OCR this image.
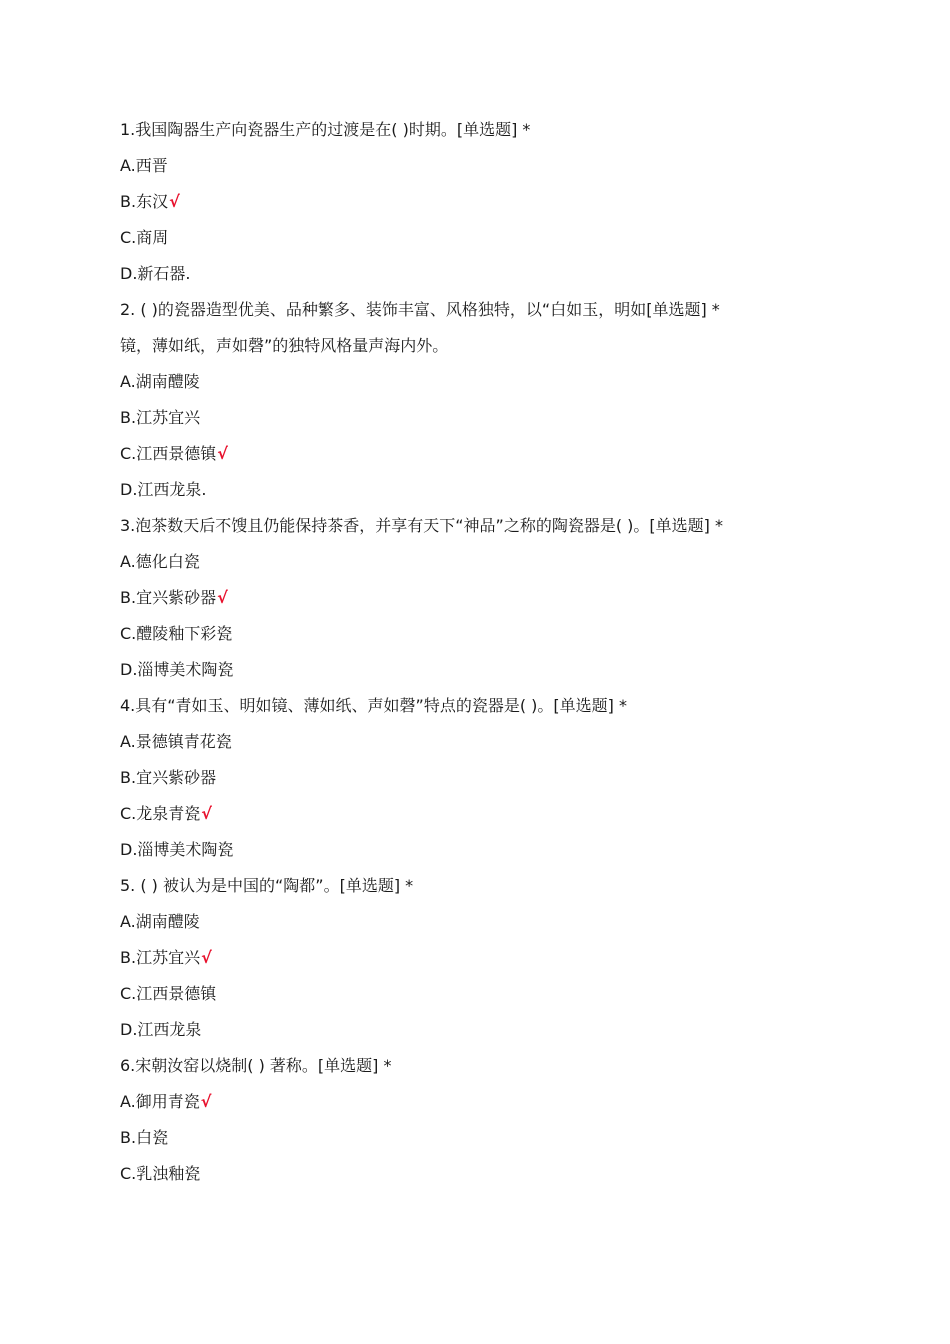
1.我国陶器生产向瓷器生产的过渡是在( )时期。[单选题] *
A.西晋
B.东汉√
C.商周
D.新石器.
2. ( )的瓷器造型优美、品种繁多、装饰丰富、风格独特，以“白如玉，明如[单选题] *
镜，薄如纸，声如磬”的独特风格量声海内外。
A.湖南醴陵
B.江苏宜兴
C.江西景德镇√
D.江西龙泉.
3.泡茶数天后不馊且仍能保持茶香，并享有天下“神品”之称的陶瓷器是( )。[单选题] *
A.德化白瓷
B.宜兴紫砂器√
C.醴陵釉下彩瓷
D.淄博美术陶瓷
4.具有“青如玉、明如镜、薄如纸、声如磬”特点的瓷器是( )。[单选题] *
A.景德镇青花瓷
B.宜兴紫砂器
C.龙泉青瓷√
D.淄博美术陶瓷
5. ( ) 被认为是中国的“陶都”。[单选题] *
A.湖南醴陵
B.江苏宜兴√
C.江西景德镇
D.江西龙泉
6.宋朝汝窑以烧制( ) 著称。[单选题] *
A.御用青瓷√
B.白瓷
C.乳浊釉瓷
